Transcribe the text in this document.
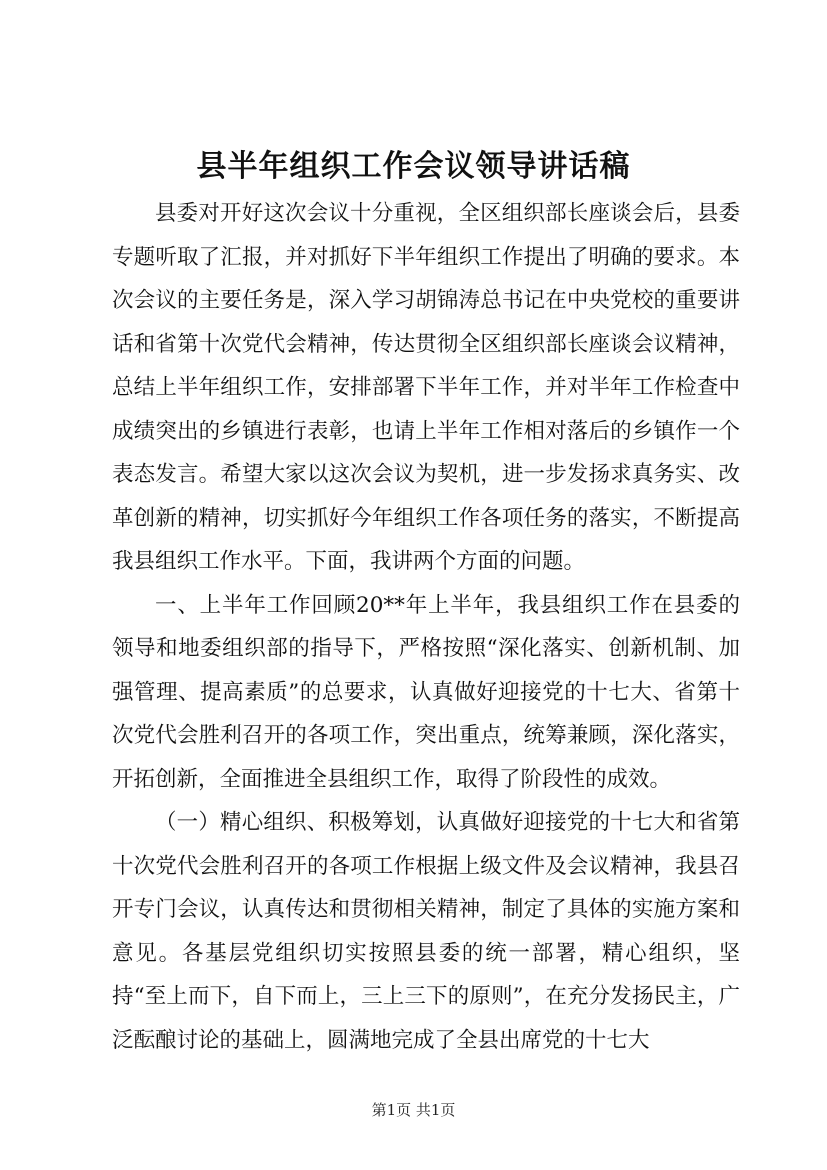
县半年组织工作会议领导讲话稿

县委对开好这次会议十分重视，全区组织部长座谈会后，县委专题听取了汇报，并对抓好下半年组织工作提出了明确的要求。本次会议的主要任务是，深入学习胡锦涛总书记在中央党校的重要讲话和省第十次党代会精神，传达贯彻全区组织部长座谈会议精神，总结上半年组织工作，安排部署下半年工作，并对半年工作检查中成绩突出的乡镇进行表彰，也请上半年工作相对落后的乡镇作一个表态发言。希望大家以这次会议为契机，进一步发扬求真务实、改革创新的精神，切实抓好今年组织工作各项任务的落实，不断提高我县组织工作水平。下面，我讲两个方面的问题。

一、上半年工作回顾20**年上半年，我县组织工作在县委的领导和地委组织部的指导下，严格按照“深化落实、创新机制、加强管理、提高素质”的总要求，认真做好迎接党的十七大、省第十次党代会胜利召开的各项工作，突出重点，统筹兼顾，深化落实，开拓创新，全面推进全县组织工作，取得了阶段性的成效。

（一）精心组织、积极筹划，认真做好迎接党的十七大和省第十次党代会胜利召开的各项工作根据上级文件及会议精神，我县召开专门会议，认真传达和贯彻相关精神，制定了具体的实施方案和意见。各基层党组织切实按照县委的统一部署，精心组织，坚持“至上而下，自下而上，三上三下的原则”，在充分发扬民主，广泛酝酿讨论的基础上，圆满地完成了全县出席党的十七大

第1页 共1页
